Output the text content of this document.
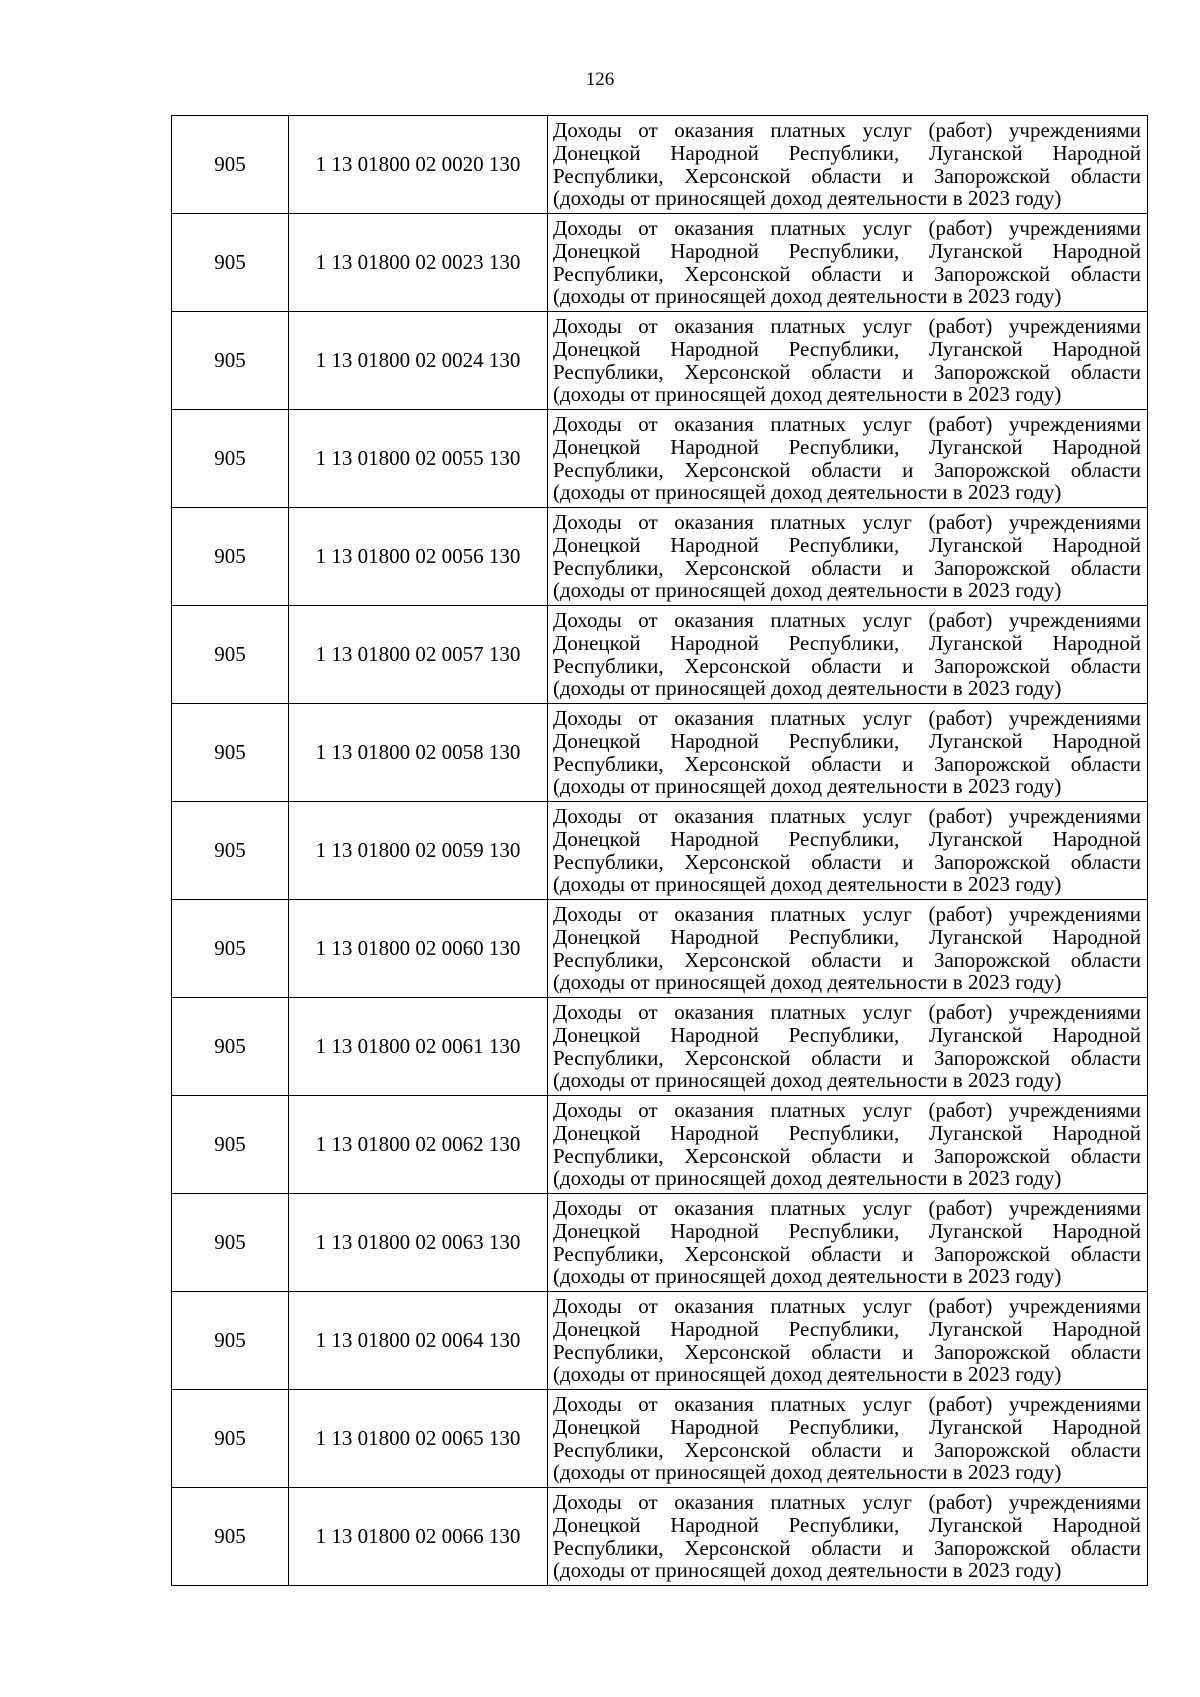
126
905	1 13 01800 02 0020 130	Доходы от оказания платных услуг (работ) учреждениями Донецкой Народной Республики, Луганской Народной Республики, Херсонской области и Запорожской области (доходы от приносящей доход деятельности в 2023 году)
905	1 13 01800 02 0023 130	Доходы от оказания платных услуг (работ) учреждениями Донецкой Народной Республики, Луганской Народной Республики, Херсонской области и Запорожской области (доходы от приносящей доход деятельности в 2023 году)
905	1 13 01800 02 0024 130	Доходы от оказания платных услуг (работ) учреждениями Донецкой Народной Республики, Луганской Народной Республики, Херсонской области и Запорожской области (доходы от приносящей доход деятельности в 2023 году)
905	1 13 01800 02 0055 130	Доходы от оказания платных услуг (работ) учреждениями Донецкой Народной Республики, Луганской Народной Республики, Херсонской области и Запорожской области (доходы от приносящей доход деятельности в 2023 году)
905	1 13 01800 02 0056 130	Доходы от оказания платных услуг (работ) учреждениями Донецкой Народной Республики, Луганской Народной Республики, Херсонской области и Запорожской области (доходы от приносящей доход деятельности в 2023 году)
905	1 13 01800 02 0057 130	Доходы от оказания платных услуг (работ) учреждениями Донецкой Народной Республики, Луганской Народной Республики, Херсонской области и Запорожской области (доходы от приносящей доход деятельности в 2023 году)
905	1 13 01800 02 0058 130	Доходы от оказания платных услуг (работ) учреждениями Донецкой Народной Республики, Луганской Народной Республики, Херсонской области и Запорожской области (доходы от приносящей доход деятельности в 2023 году)
905	1 13 01800 02 0059 130	Доходы от оказания платных услуг (работ) учреждениями Донецкой Народной Республики, Луганской Народной Республики, Херсонской области и Запорожской области (доходы от приносящей доход деятельности в 2023 году)
905	1 13 01800 02 0060 130	Доходы от оказания платных услуг (работ) учреждениями Донецкой Народной Республики, Луганской Народной Республики, Херсонской области и Запорожской области (доходы от приносящей доход деятельности в 2023 году)
905	1 13 01800 02 0061 130	Доходы от оказания платных услуг (работ) учреждениями Донецкой Народной Республики, Луганской Народной Республики, Херсонской области и Запорожской области (доходы от приносящей доход деятельности в 2023 году)
905	1 13 01800 02 0062 130	Доходы от оказания платных услуг (работ) учреждениями Донецкой Народной Республики, Луганской Народной Республики, Херсонской области и Запорожской области (доходы от приносящей доход деятельности в 2023 году)
905	1 13 01800 02 0063 130	Доходы от оказания платных услуг (работ) учреждениями Донецкой Народной Республики, Луганской Народной Республики, Херсонской области и Запорожской области (доходы от приносящей доход деятельности в 2023 году)
905	1 13 01800 02 0064 130	Доходы от оказания платных услуг (работ) учреждениями Донецкой Народной Республики, Луганской Народной Республики, Херсонской области и Запорожской области (доходы от приносящей доход деятельности в 2023 году)
905	1 13 01800 02 0065 130	Доходы от оказания платных услуг (работ) учреждениями Донецкой Народной Республики, Луганской Народной Республики, Херсонской области и Запорожской области (доходы от приносящей доход деятельности в 2023 году)
905	1 13 01800 02 0066 130	Доходы от оказания платных услуг (работ) учреждениями Донецкой Народной Республики, Луганской Народной Республики, Херсонской области и Запорожской области (доходы от приносящей доход деятельности в 2023 году)
